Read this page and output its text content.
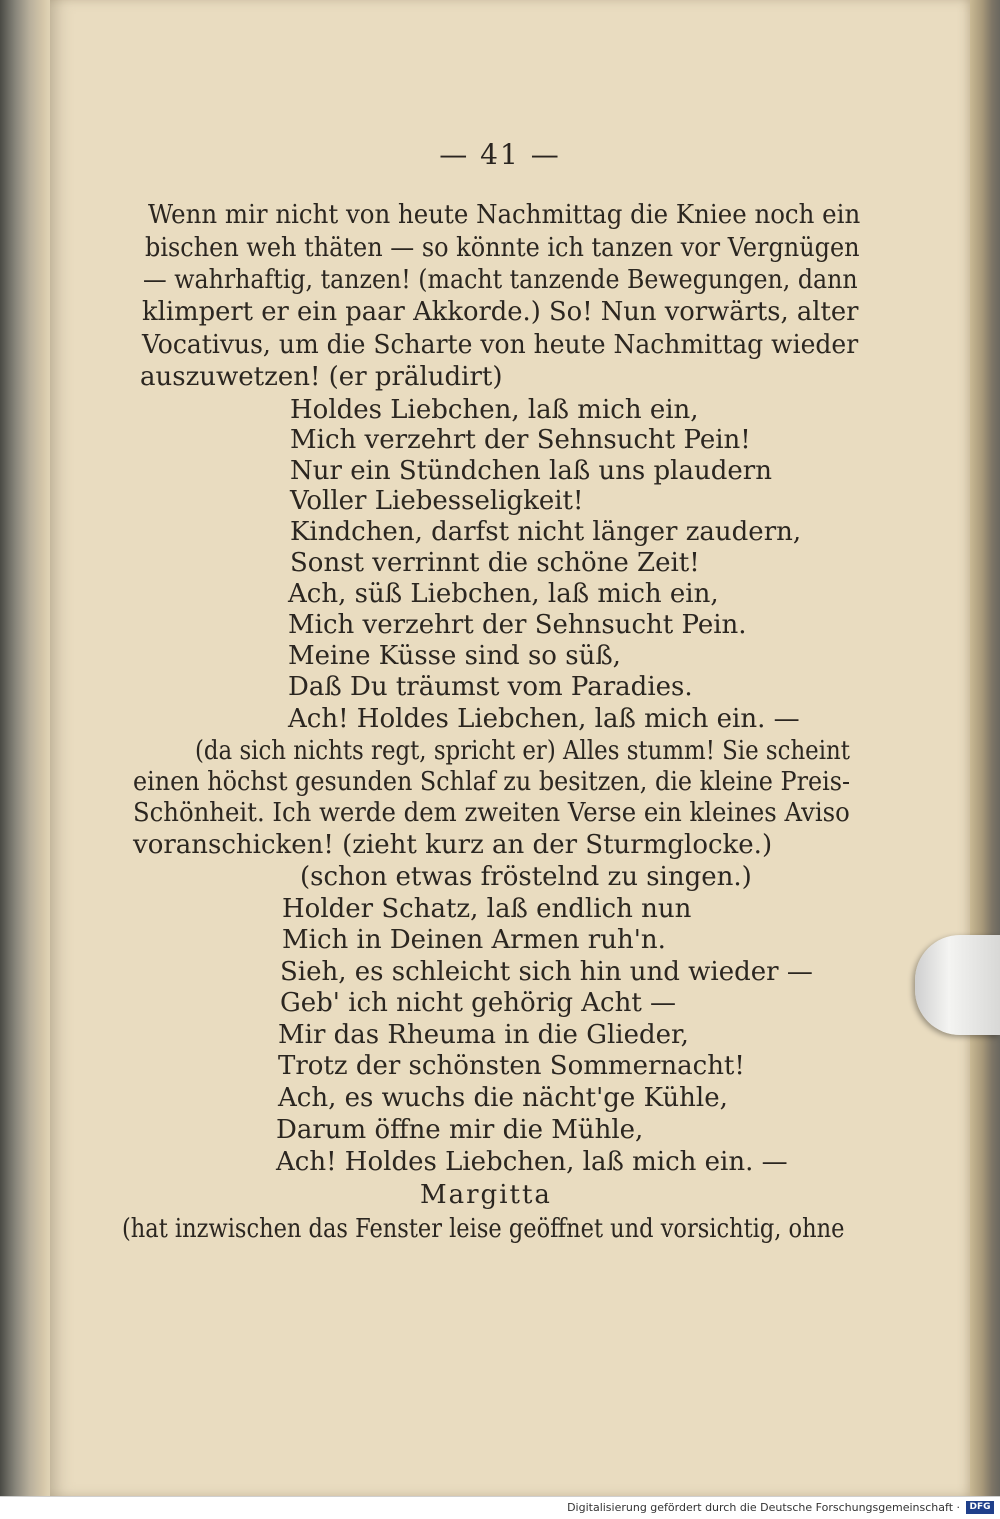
— 41 —
Wenn mir nicht von heute Nachmittag die Kniee noch ein
bischen weh thäten — so könnte ich tanzen vor Vergnügen
— wahrhaftig, tanzen! (macht tanzende Bewegungen, dann
klimpert er ein paar Akkorde.) So! Nun vorwärts, alter
Vocativus, um die Scharte von heute Nachmittag wieder
auszuwetzen! (er präludirt)
Holdes Liebchen, laß mich ein,
Mich verzehrt der Sehnsucht Pein!
Nur ein Stündchen laß uns plaudern
Voller Liebesseligkeit!
Kindchen, darfst nicht länger zaudern,
Sonst verrinnt die schöne Zeit!
Ach, süß Liebchen, laß mich ein,
Mich verzehrt der Sehnsucht Pein.
Meine Küsse sind so süß,
Daß Du träumst vom Paradies.
Ach! Holdes Liebchen, laß mich ein. —
(da sich nichts regt, spricht er) Alles stumm! Sie scheint
einen höchst gesunden Schlaf zu besitzen, die kleine Preis-
Schönheit. Ich werde dem zweiten Verse ein kleines Aviso
voranschicken! (zieht kurz an der Sturmglocke.)
(schon etwas fröstelnd zu singen.)
Holder Schatz, laß endlich nun
Mich in Deinen Armen ruh'n.
Sieh, es schleicht sich hin und wieder —
Geb' ich nicht gehörig Acht —
Mir das Rheuma in die Glieder,
Trotz der schönsten Sommernacht!
Ach, es wuchs die nächt'ge Kühle,
Darum öffne mir die Mühle,
Ach! Holdes Liebchen, laß mich ein. —
Margitta
(hat inzwischen das Fenster leise geöffnet und vorsichtig, ohne
Digitalisierung gefördert durch die Deutsche Forschungsgemeinschaft ·	DFG
